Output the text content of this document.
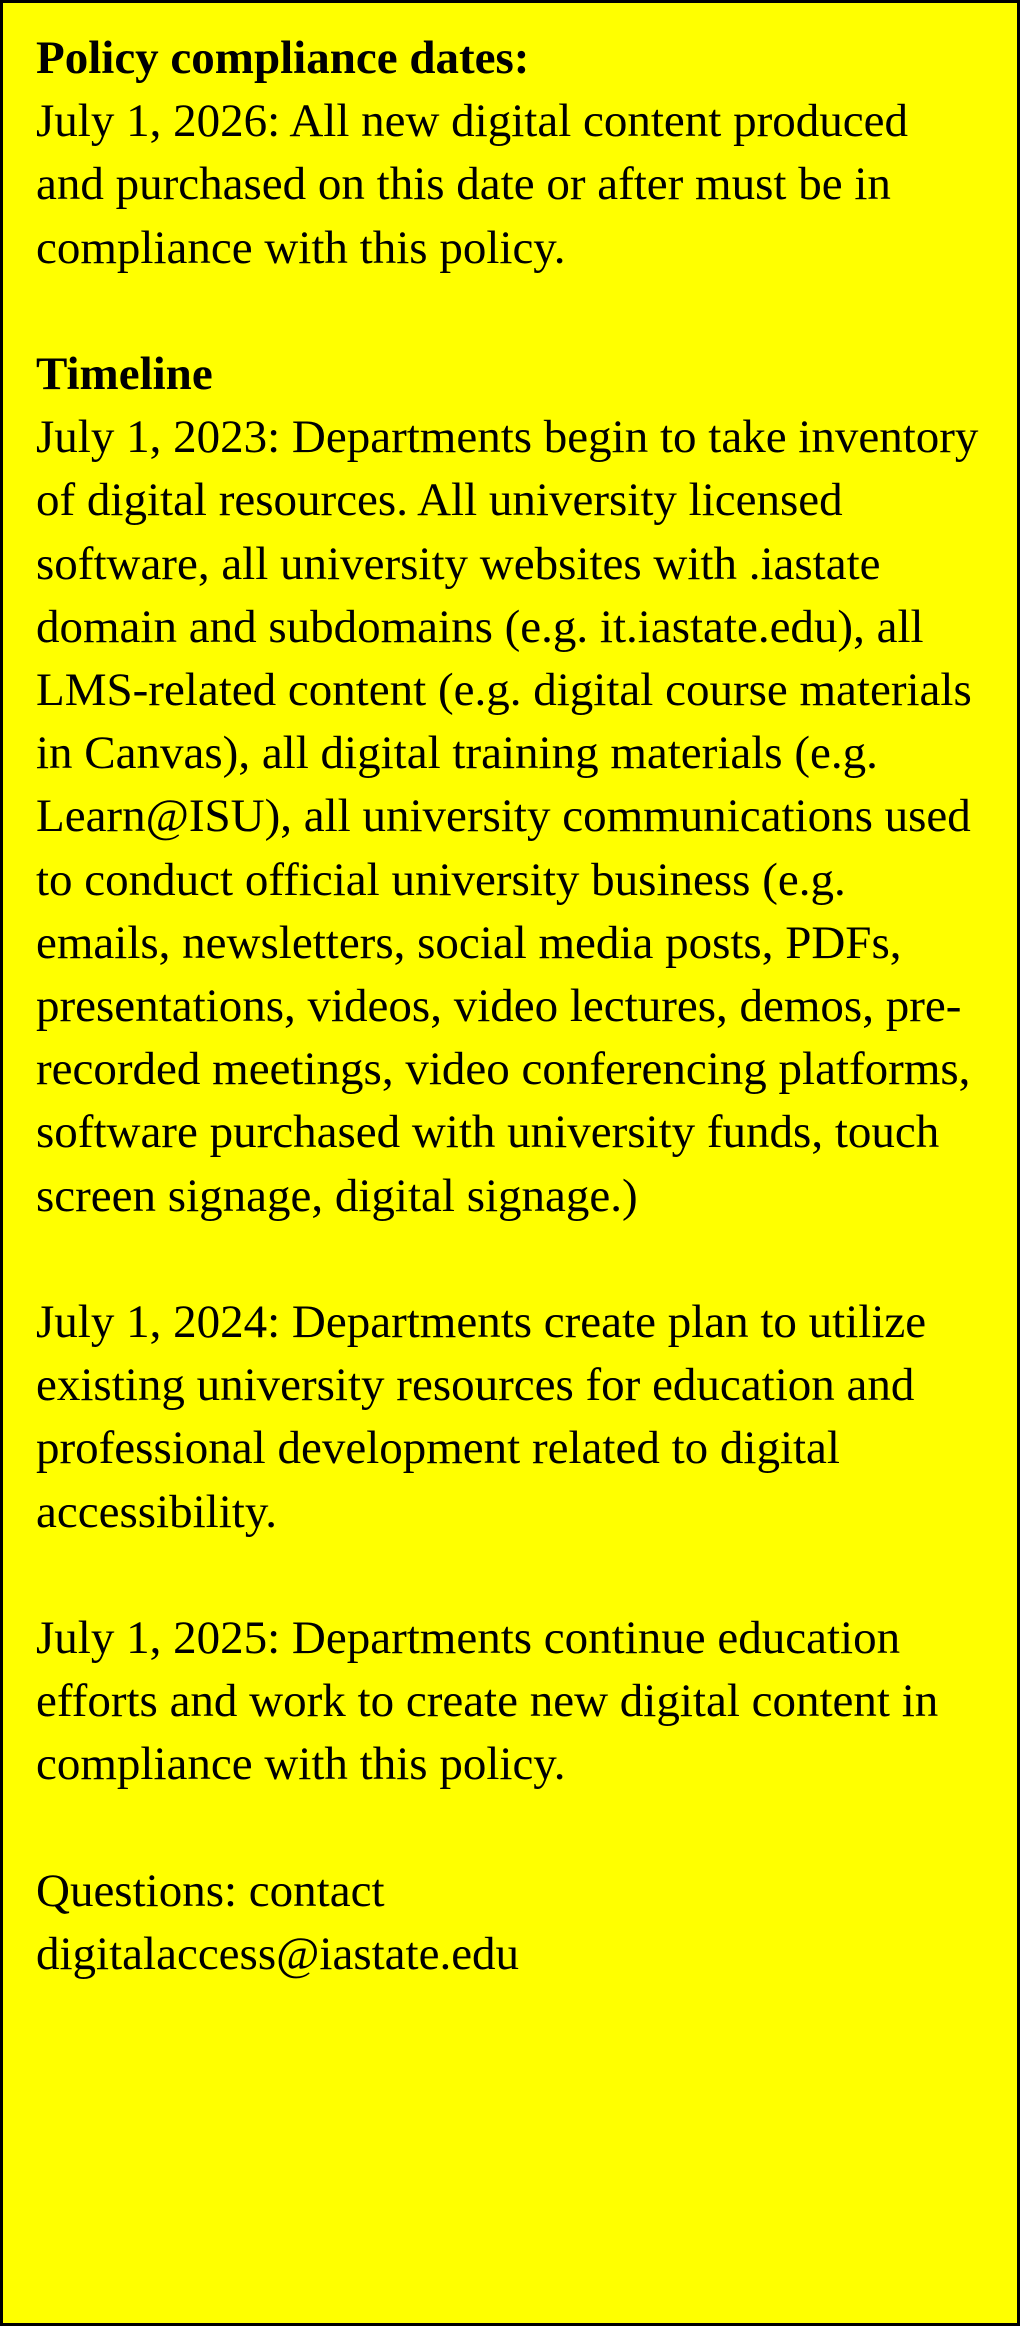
Policy compliance dates:

July 1, 2026: All new digital content produced and purchased on this date or after must be in compliance with this policy.

Timeline

July 1, 2023: Departments begin to take inventory of digital resources. All university licensed software, all university websites with .iastate domain and subdomains (e.g. it.iastate.edu), all LMS-related content (e.g. digital course materials in Canvas), all digital training materials (e.g. Learn@ISU), all university communications used to conduct official university business (e.g. emails, newsletters, social media posts, PDFs, presentations, videos, video lectures, demos, pre-recorded meetings, video conferencing platforms, software purchased with university funds, touch screen signage, digital signage.)

July 1, 2024: Departments create plan to utilize existing university resources for education and professional development related to digital accessibility.

July 1, 2025: Departments continue education efforts and work to create new digital content in compliance with this policy.

Questions: contact

digitalaccess@iastate.edu
